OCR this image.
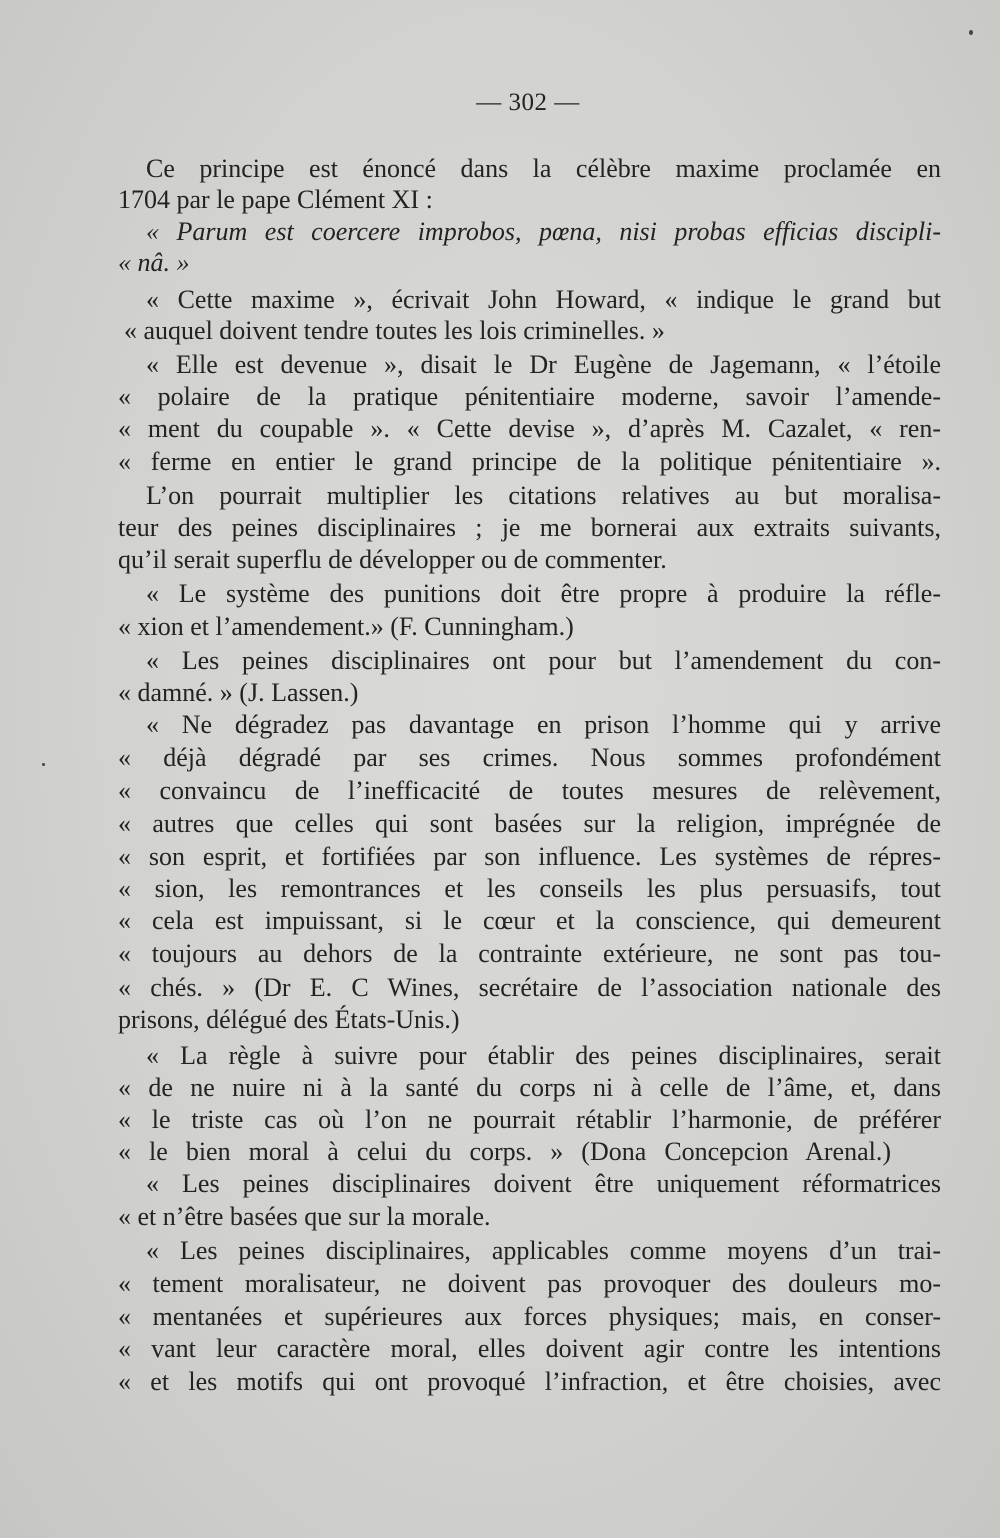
— 302 —
Ce principe est énoncé dans la célèbre maxime proclamée en
1704 par le pape Clément XI :
« Parum est coercere improbos, pœna, nisi probas efficias discipli-
« nâ. »
« Cette maxime », écrivait John Howard, « indique le grand but
« auquel doivent tendre toutes les lois criminelles. »
« Elle est devenue », disait le Dr Eugène de Jagemann, « l’étoile
« polaire de la pratique pénitentiaire moderne, savoir l’amende-
« ment du coupable ». « Cette devise », d’après M. Cazalet, « ren-
« ferme en entier le grand principe de la politique pénitentiaire ».
L’on pourrait multiplier les citations relatives au but moralisa-
teur des peines disciplinaires ; je me bornerai aux extraits suivants,
qu’il serait superflu de développer ou de commenter.
« Le système des punitions doit être propre à produire la réfle-
« xion et l’amendement.» (F. Cunningham.)
« Les peines disciplinaires ont pour but l’amendement du con-
« damné. » (J. Lassen.)
« Ne dégradez pas davantage en prison l’homme qui y arrive
« déjà dégradé par ses crimes. Nous sommes profondément
« convaincu de l’inefficacité de toutes mesures de relèvement,
« autres que celles qui sont basées sur la religion, imprégnée de
« son esprit, et fortifiées par son influence. Les systèmes de répres-
« sion, les remontrances et les conseils les plus persuasifs, tout
« cela est impuissant, si le cœur et la conscience, qui demeurent
« toujours au dehors de la contrainte extérieure, ne sont pas tou-
« chés. » (Dr E. C Wines, secrétaire de l’association nationale des
prisons, délégué des États-Unis.)
« La règle à suivre pour établir des peines disciplinaires, serait
« de ne nuire ni à la santé du corps ni à celle de l’âme, et, dans
« le triste cas où l’on ne pourrait rétablir l’harmonie, de préférer
« le bien moral à celui du corps. » (Dona Concepcion Arenal.)
« Les peines disciplinaires doivent être uniquement réformatrices
« et n’être basées que sur la morale.
« Les peines disciplinaires, applicables comme moyens d’un trai-
« tement moralisateur, ne doivent pas provoquer des douleurs mo-
« mentanées et supérieures aux forces physiques; mais, en conser-
« vant leur caractère moral, elles doivent agir contre les intentions
« et les motifs qui ont provoqué l’infraction, et être choisies, avec
